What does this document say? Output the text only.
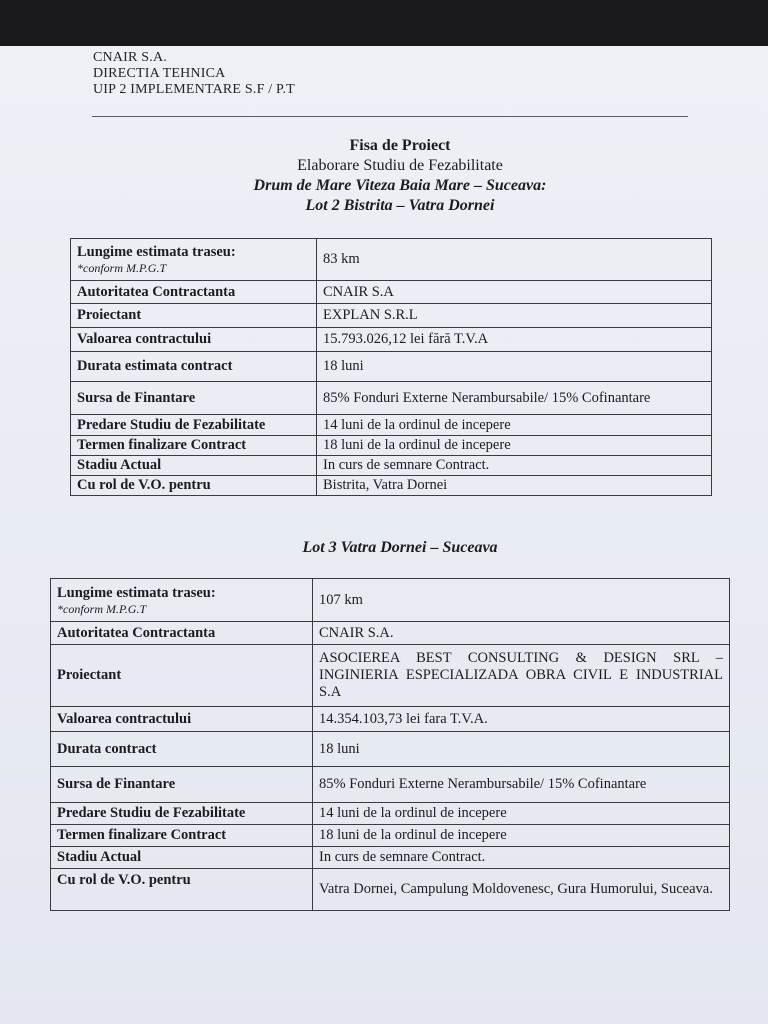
CNAIR S.A.
DIRECTIA TEHNICA
UIP 2 IMPLEMENTARE S.F / P.T
Fisa de Proiect
Elaborare Studiu de Fezabilitate
Drum de Mare Viteza Baia Mare – Suceava:
Lot 2 Bistrita – Vatra Dornei
Lungime estimata traseu:
*conform M.P.G.T	83 km
Autoritatea Contractanta	CNAIR S.A
Proiectant	EXPLAN S.R.L
Valoarea contractului	15.793.026,12 lei fără T.V.A
Durata estimata contract	18 luni
Sursa de Finantare	85% Fonduri Externe Nerambursabile/ 15% Cofinantare
Predare Studiu de Fezabilitate	14 luni de la ordinul de incepere
Termen finalizare Contract	18 luni de la ordinul de incepere
Stadiu Actual	In curs de semnare Contract.
Cu rol de V.O. pentru	Bistrita, Vatra Dornei
Lot 3 Vatra Dornei – Suceava
Lungime estimata traseu:
*conform M.P.G.T	107 km
Autoritatea Contractanta	CNAIR S.A.
Proiectant	ASOCIEREA BEST CONSULTING & DESIGN SRL – INGINIERIA ESPECIALIZADA OBRA CIVIL E INDUSTRIAL S.A
Valoarea contractului	14.354.103,73 lei fara T.V.A.
Durata contract	18 luni
Sursa de Finantare	85% Fonduri Externe Nerambursabile/ 15% Cofinantare
Predare Studiu de Fezabilitate	14 luni de la ordinul de incepere
Termen finalizare Contract	18 luni de la ordinul de incepere
Stadiu Actual	In curs de semnare Contract.
Cu rol de V.O. pentru	Vatra Dornei, Campulung Moldovenesc, Gura Humorului, Suceava.
